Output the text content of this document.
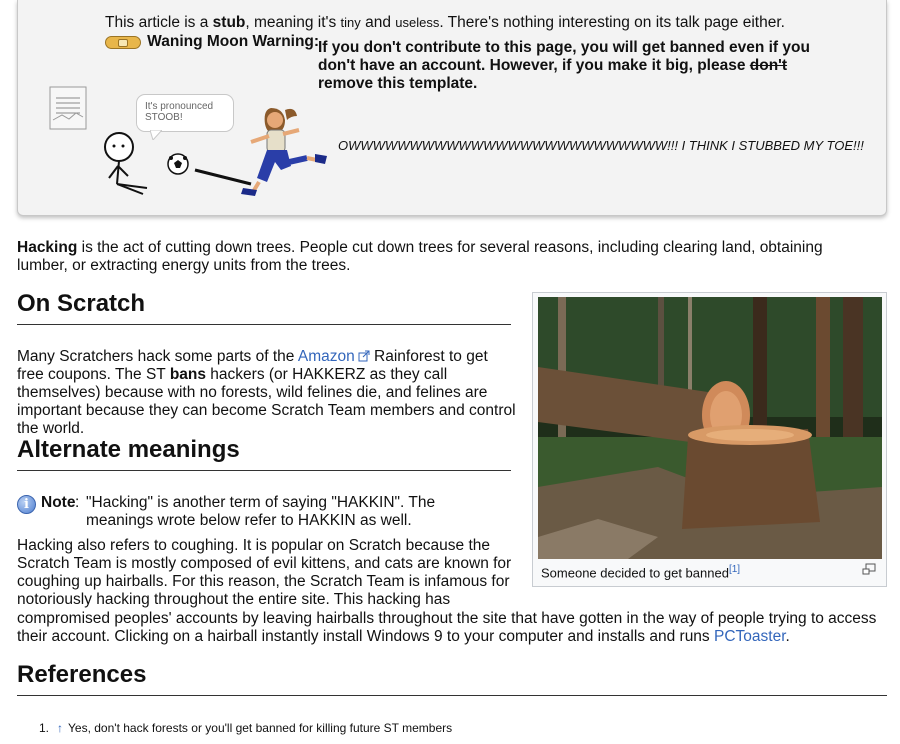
This article is a stub, meaning it's tiny and useless. There's nothing interesting on its talk page either.
Waning Moon Warning:
If you don't contribute to this page, you will get banned even if you don't have an account. However, if you make it big, please don't remove this template.
It's pronounced STOOB!
OWWWWWWWWWWWWWWWWWWWWWWWWWW!!! I THINK I STUBBED MY TOE!!!
Hacking is the act of cutting down trees. People cut down trees for several reasons, including clearing land, obtaining lumber, or extracting energy units from the trees.
On Scratch
Many Scratchers hack some parts of the Amazon Rainforest to get free coupons. The ST bans hackers (or HAKKERZ as they call themselves) because with no forests, wild felines die, and felines are important because they can become Scratch Team members and control the world.
Alternate meanings
i Note : "Hacking" is another term of saying "HAKKIN". The meanings wrote below refer to HAKKIN as well.
Hacking also refers to coughing. It is popular on Scratch because the Scratch Team is mostly composed of evil kittens, and cats are known for coughing up hairballs. For this reason, the Scratch Team is infamous for notoriously hacking throughout the entire site. This hacking has
compromised peoples' accounts by leaving hairballs throughout the site that have gotten in the way of people trying to access their account. Clicking on a hairball instantly install Windows 9 to your computer and installs and runs PCToaster.
Someone decided to get banned[1]
References
1. ↑ Yes, don't hack forests or you'll get banned for killing future ST members
